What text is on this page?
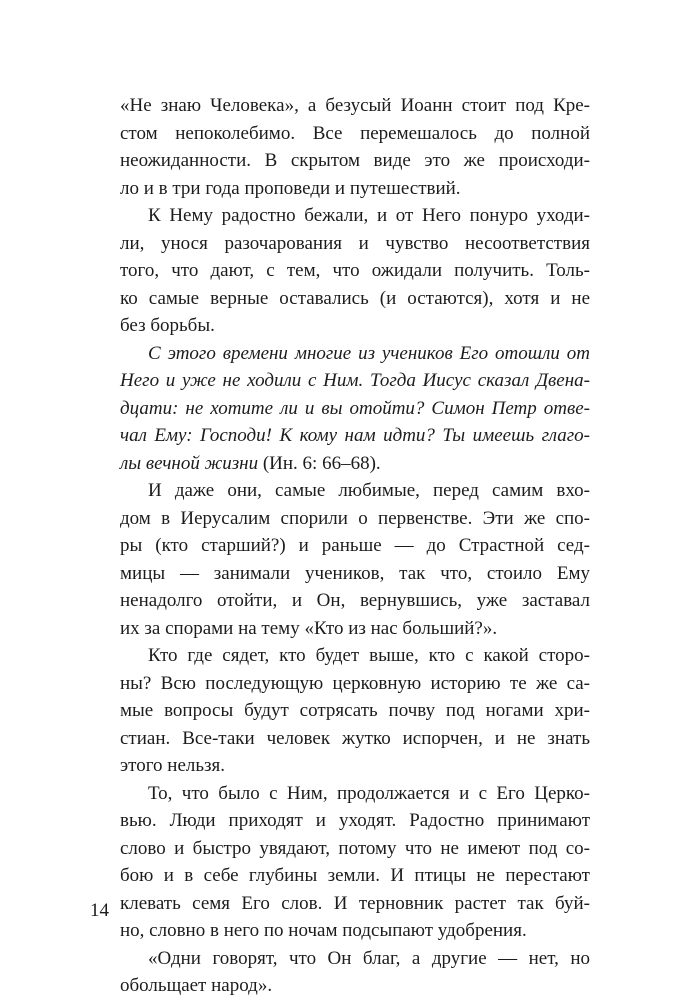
«Не знаю Человека», а безусый Иоанн стоит под Кре-
стом непоколебимо. Все перемешалось до полной
неожиданности. В скрытом виде это же происходи-
ло и в три года проповеди и путешествий.
К Нему радостно бежали, и от Него понуро уходи-
ли, унося разочарования и чувство несоответствия
того, что дают, с тем, что ожидали получить. Толь-
ко самые верные оставались (и остаются), хотя и не
без борьбы.
С этого времени многие из учеников Его отошли от
Него и уже не ходили с Ним. Тогда Иисус сказал Двена-
дцати: не хотите ли и вы отойти? Симон Петр отве-
чал Ему: Господи! К кому нам идти? Ты имеешь глаго-
лы вечной жизни (Ин. 6: 66–68).
И даже они, самые любимые, перед самим вхо-
дом в Иерусалим спорили о первенстве. Эти же спо-
ры (кто старший?) и раньше — до Страстной сед-
мицы — занимали учеников, так что, стоило Ему
ненадолго отойти, и Он, вернувшись, уже заставал
их за спорами на тему «Кто из нас больший?».
Кто где сядет, кто будет выше, кто с какой сторо-
ны? Всю последующую церковную историю те же са-
мые вопросы будут сотрясать почву под ногами хри-
стиан. Все-таки человек жутко испорчен, и не знать
этого нельзя.
То, что было с Ним, продолжается и с Его Церко-
вью. Люди приходят и уходят. Радостно принимают
слово и быстро увядают, потому что не имеют под со-
бою и в себе глубины земли. И птицы не перестают
клевать семя Его слов. И терновник растет так буй-
но, словно в него по ночам подсыпают удобрения.
«Одни говорят, что Он благ, а другие — нет, но
обольщает народ».
14
